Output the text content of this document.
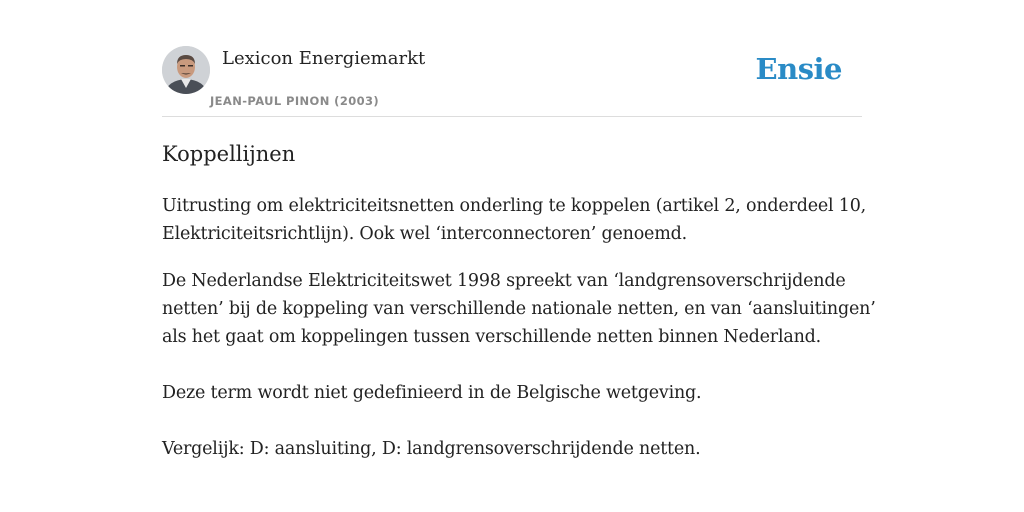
Lexicon Energiemarkt
JEAN-PAUL PINON (2003)
Ensie
Koppellijnen

Uitrusting om elektriciteitsnetten onderling te koppelen (artikel 2, onderdeel 10,
Elektriciteitsrichtlijn). Ook wel ‘interconnectoren’ genoemd.

De Nederlandse Elektriciteitswet 1998 spreekt van ‘landgrensoverschrijdende
netten’ bij de koppeling van verschillende nationale netten, en van ‘aansluitingen’
als het gaat om koppelingen tussen verschillende netten binnen Nederland.

Deze term wordt niet gedefinieerd in de Belgische wetgeving.

Vergelijk: D: aansluiting, D: landgrensoverschrijdende netten.
